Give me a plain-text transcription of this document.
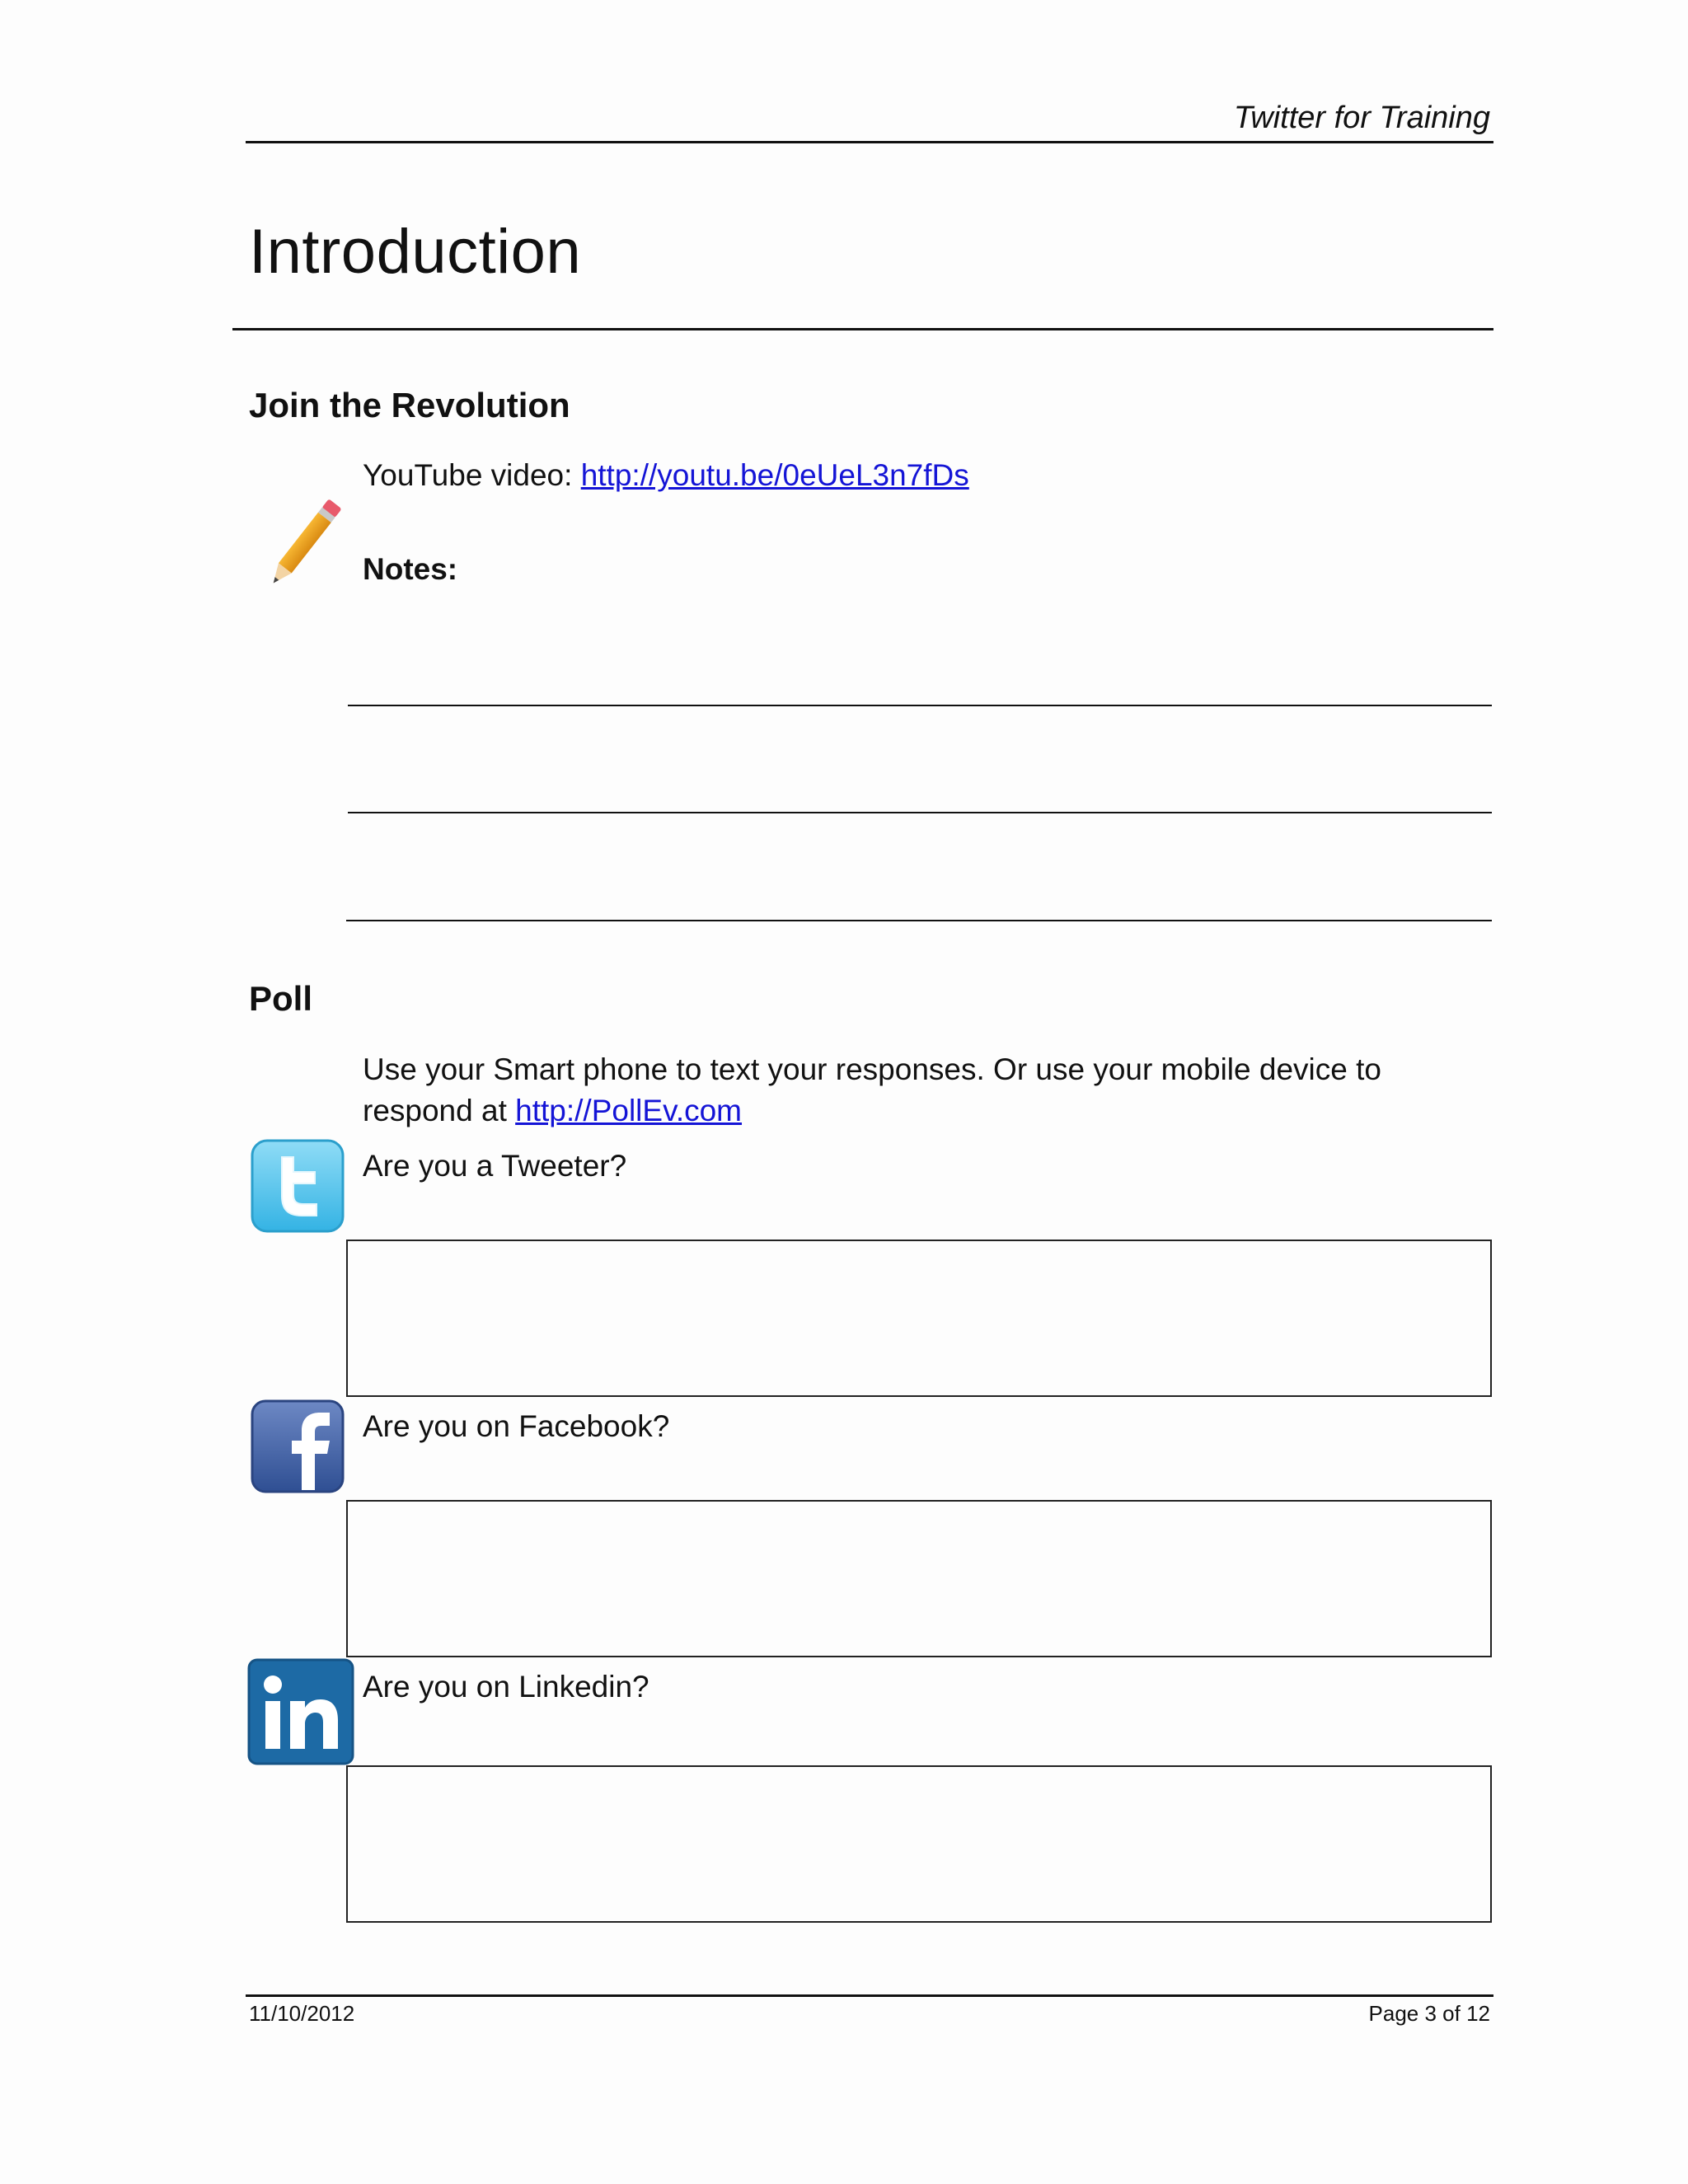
Twitter for Training
Introduction
Join the Revolution
YouTube video: http://youtu.be/0eUeL3n7fDs
Notes:
Poll
Use your Smart phone to text your responses. Or use your mobile device to
respond at http://PollEv.com
Are you a Tweeter?
Are you on Facebook?
Are you on Linkedin?
11/10/2012	Page 3 of 12
